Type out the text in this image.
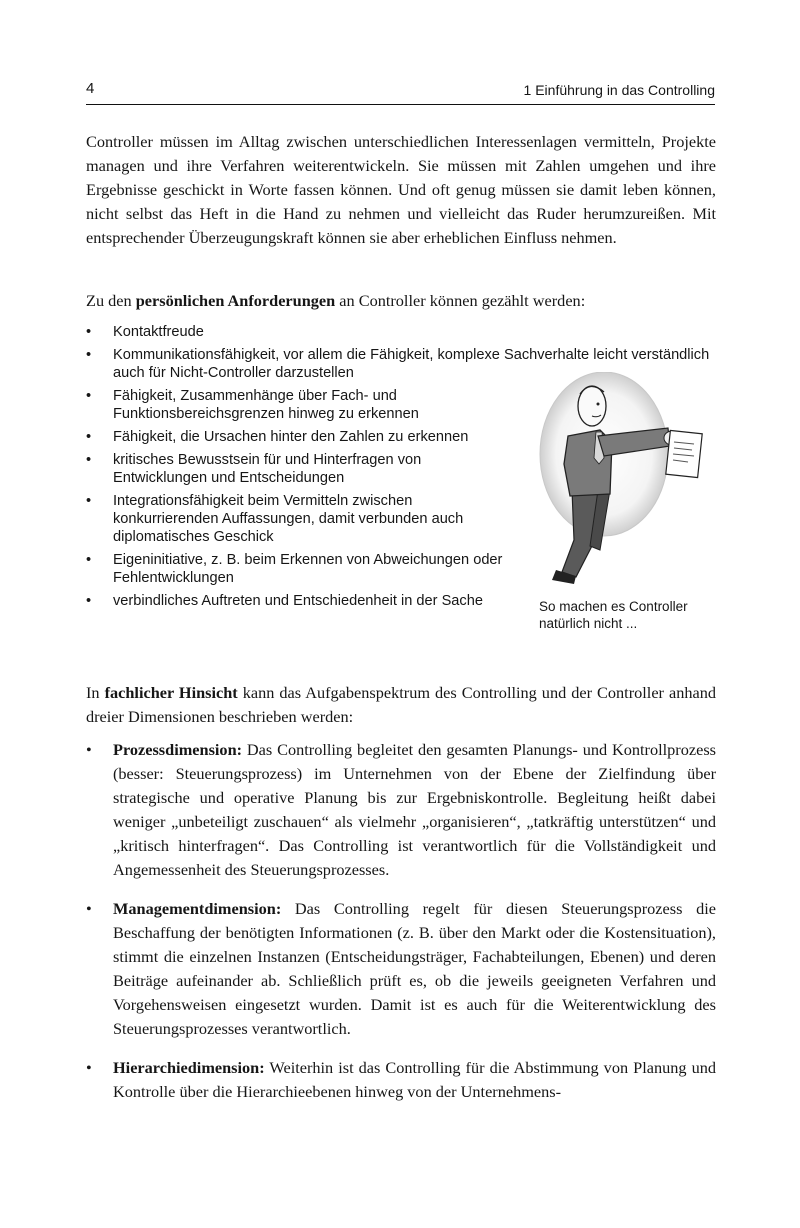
4	1 Einführung in das Controlling

Controller müssen im Alltag zwischen unterschiedlichen Interessenlagen vermitteln, Projekte managen und ihre Verfahren weiterentwickeln. Sie müssen mit Zahlen umgehen und ihre Ergebnisse geschickt in Worte fassen können. Und oft genug müssen sie damit leben können, nicht selbst das Heft in die Hand zu nehmen und vielleicht das Ruder herumzureißen. Mit entsprechender Überzeugungskraft können sie aber erheblichen Einfluss nehmen.

Zu den persönlichen Anforderungen an Controller können gezählt werden:

• Kontaktfreude
• Kommunikationsfähigkeit, vor allem die Fähigkeit, komplexe Sachverhalte leicht verständlich auch für Nicht-Controller darzustellen
• Fähigkeit, Zusammenhänge über Fach- und Funktionsbereichsgrenzen hinweg zu erkennen
• Fähigkeit, die Ursachen hinter den Zahlen zu erkennen
• kritisches Bewusstsein für und Hinterfragen von Entwicklungen und Entscheidungen
• Integrationsfähigkeit beim Vermitteln zwischen konkurrierenden Auffassungen, damit verbunden auch diplomatisches Geschick
• Eigeninitiative, z. B. beim Erkennen von Abweichungen oder Fehlentwicklungen
• verbindliches Auftreten und Entschiedenheit in der Sache	So machen es Controller natürlich nicht ...

In fachlicher Hinsicht kann das Aufgabenspektrum des Controlling und der Controller anhand dreier Dimensionen beschrieben werden:

• Prozessdimension: Das Controlling begleitet den gesamten Planungs- und Kontrollprozess (besser: Steuerungsprozess) im Unternehmen von der Ebene der Zielfindung über strategische und operative Planung bis zur Ergebniskontrolle. Begleitung heißt dabei weniger „unbeteiligt zuschauen“ als vielmehr „organisieren“, „tatkräftig unterstützen“ und „kritisch hinterfragen“. Das Controlling ist verantwortlich für die Vollständigkeit und Angemessenheit des Steuerungsprozesses.
• Managementdimension: Das Controlling regelt für diesen Steuerungsprozess die Beschaffung der benötigten Informationen (z. B. über den Markt oder die Kostensituation), stimmt die einzelnen Instanzen (Entscheidungsträger, Fachabteilungen, Ebenen) und deren Beiträge aufeinander ab. Schließlich prüft es, ob die jeweils geeigneten Verfahren und Vorgehensweisen eingesetzt wurden. Damit ist es auch für die Weiterentwicklung des Steuerungsprozesses verantwortlich.
• Hierarchiedimension: Weiterhin ist das Controlling für die Abstimmung von Planung und Kontrolle über die Hierarchieebenen hinweg von der Unternehmens-
